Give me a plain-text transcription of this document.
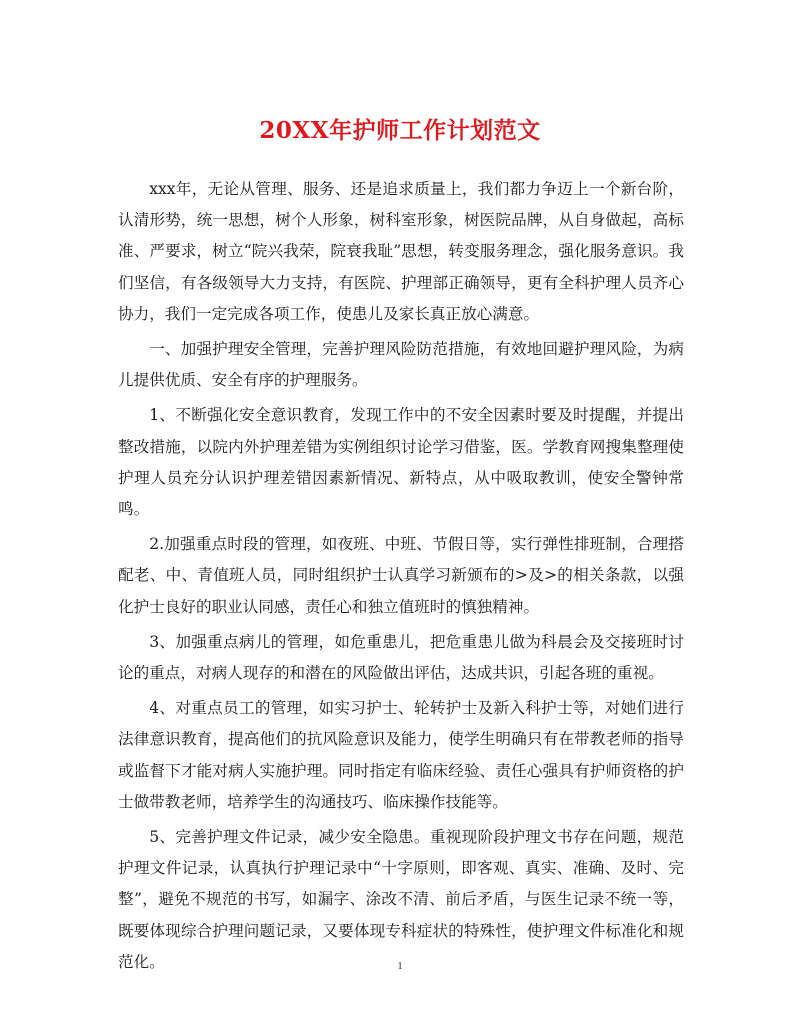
20XX年护师工作计划范文

xxx年，无论从管理、服务、还是追求质量上，我们都力争迈上一个新台阶，认清形势，统一思想，树个人形象，树科室形象，树医院品牌，从自身做起，高标准、严要求，树立“院兴我荣，院衰我耻”思想，转变服务理念，强化服务意识。我们坚信，有各级领导大力支持，有医院、护理部正确领导，更有全科护理人员齐心协力，我们一定完成各项工作，使患儿及家长真正放心满意。

一、加强护理安全管理，完善护理风险防范措施，有效地回避护理风险，为病儿提供优质、安全有序的护理服务。

1、不断强化安全意识教育，发现工作中的不安全因素时要及时提醒，并提出整改措施，以院内外护理差错为实例组织讨论学习借鉴，医。学教育网搜集整理使护理人员充分认识护理差错因素新情况、新特点，从中吸取教训，使安全警钟常鸣。

2.加强重点时段的管理，如夜班、中班、节假日等，实行弹性排班制，合理搭配老、中、青值班人员，同时组织护士认真学习新颁布的>及>的相关条款，以强化护士良好的职业认同感，责任心和独立值班时的慎独精神。

3、加强重点病儿的管理，如危重患儿，把危重患儿做为科晨会及交接班时讨论的重点，对病人现存的和潜在的风险做出评估，达成共识，引起各班的重视。

4、对重点员工的管理，如实习护士、轮转护士及新入科护士等，对她们进行法律意识教育，提高他们的抗风险意识及能力，使学生明确只有在带教老师的指导或监督下才能对病人实施护理。同时指定有临床经验、责任心强具有护师资格的护士做带教老师，培养学生的沟通技巧、临床操作技能等。

5、完善护理文件记录，减少安全隐患。重视现阶段护理文书存在问题，规范护理文件记录，认真执行护理记录中“十字原则，即客观、真实、准确、及时、完整”，避免不规范的书写，如漏字、涂改不清、前后矛盾，与医生记录不统一等，既要体现综合护理问题记录，又要体现专科症状的特殊性，使护理文件标准化和规范化。	1
